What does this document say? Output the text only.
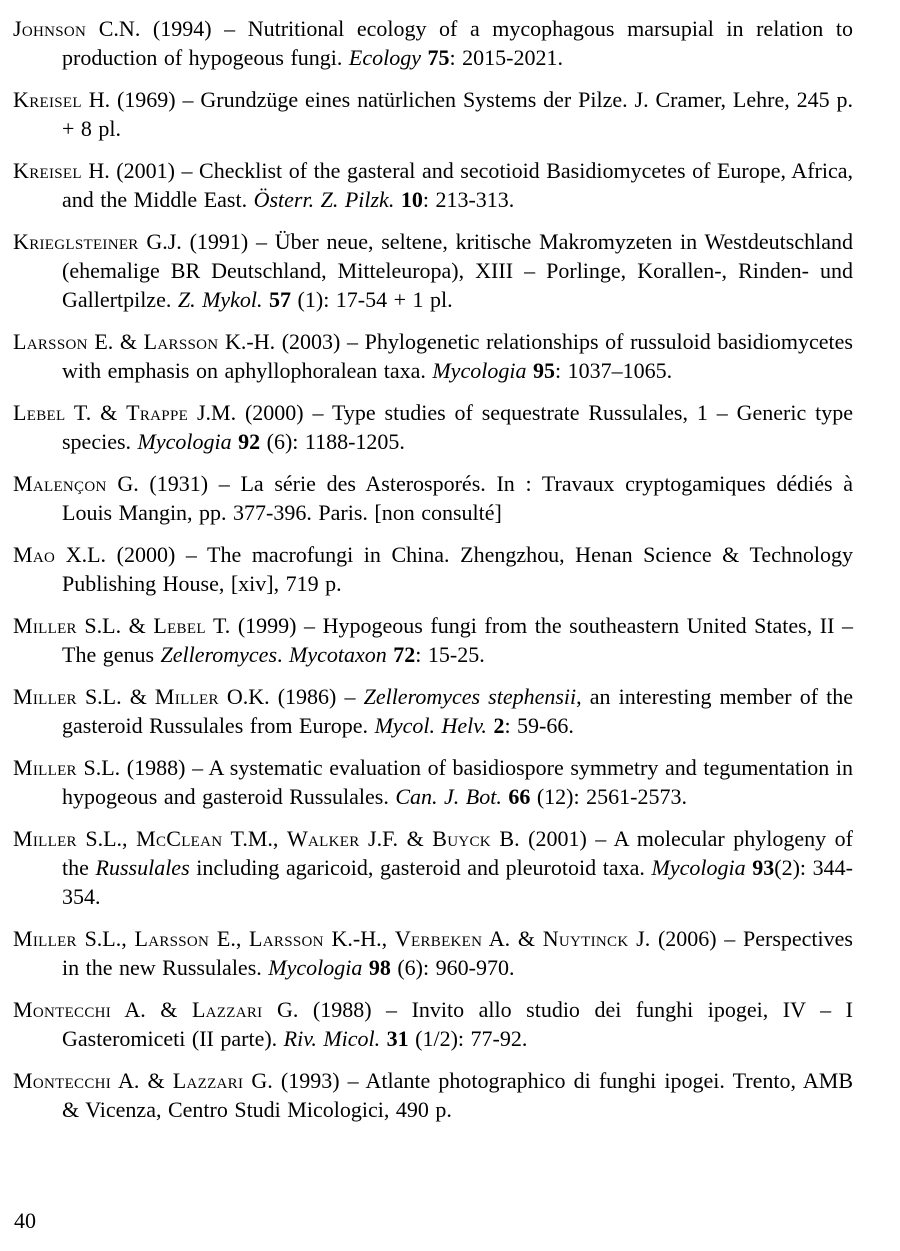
Johnson C.N. (1994) – Nutritional ecology of a mycophagous marsupial in relation to production of hypogeous fungi. Ecology 75: 2015-2021.

Kreisel H. (1969) – Grundzüge eines natürlichen Systems der Pilze. J. Cramer, Lehre, 245 p. + 8 pl.

Kreisel H. (2001) – Checklist of the gasteral and secotioid Basidiomycetes of Europe, Africa, and the Middle East. Österr. Z. Pilzk. 10: 213-313.

Krieglsteiner G.J. (1991) – Über neue, seltene, kritische Makromyzeten in Westdeutschland (ehemalige BR Deutschland, Mitteleuropa), XIII – Porlinge, Korallen-, Rinden- und Gallertpilze. Z. Mykol. 57 (1): 17-54 + 1 pl.

Larsson E. & Larsson K.-H. (2003) – Phylogenetic relationships of russuloid basidiomycetes with emphasis on aphyllophoralean taxa. Mycologia 95: 1037–1065.

Lebel T. & Trappe J.M. (2000) – Type studies of sequestrate Russulales, 1 – Generic type species. Mycologia 92 (6): 1188-1205.

Malençon G. (1931) – La série des Asterosporés. In : Travaux cryptogamiques dédiés à Louis Mangin, pp. 377-396. Paris. [non consulté]

Mao X.L. (2000) – The macrofungi in China. Zhengzhou, Henan Science & Technology Publishing House, [xiv], 719 p.

Miller S.L. & Lebel T. (1999) – Hypogeous fungi from the southeastern United States, II – The genus Zelleromyces. Mycotaxon 72: 15-25.

Miller S.L. & Miller O.K. (1986) – Zelleromyces stephensii, an interesting member of the gasteroid Russulales from Europe. Mycol. Helv. 2: 59-66.

Miller S.L. (1988) – A systematic evaluation of basidiospore symmetry and tegumentation in hypogeous and gasteroid Russulales. Can. J. Bot. 66 (12): 2561-2573.

Miller S.L., McClean T.M., Walker J.F. & Buyck B. (2001) – A molecular phylogeny of the Russulales including agaricoid, gasteroid and pleurotoid taxa. Mycologia 93(2): 344-354.

Miller S.L., Larsson E., Larsson K.-H., Verbeken A. & Nuytinck J. (2006) – Perspectives in the new Russulales. Mycologia 98 (6): 960-970.

Montecchi A. & Lazzari G. (1988) – Invito allo studio dei funghi ipogei, IV – I Gasteromiceti (II parte). Riv. Micol. 31 (1/2): 77-92.

Montecchi A. & Lazzari G. (1993) – Atlante photographico di funghi ipogei. Trento, AMB & Vicenza, Centro Studi Micologici, 490 p.

40
